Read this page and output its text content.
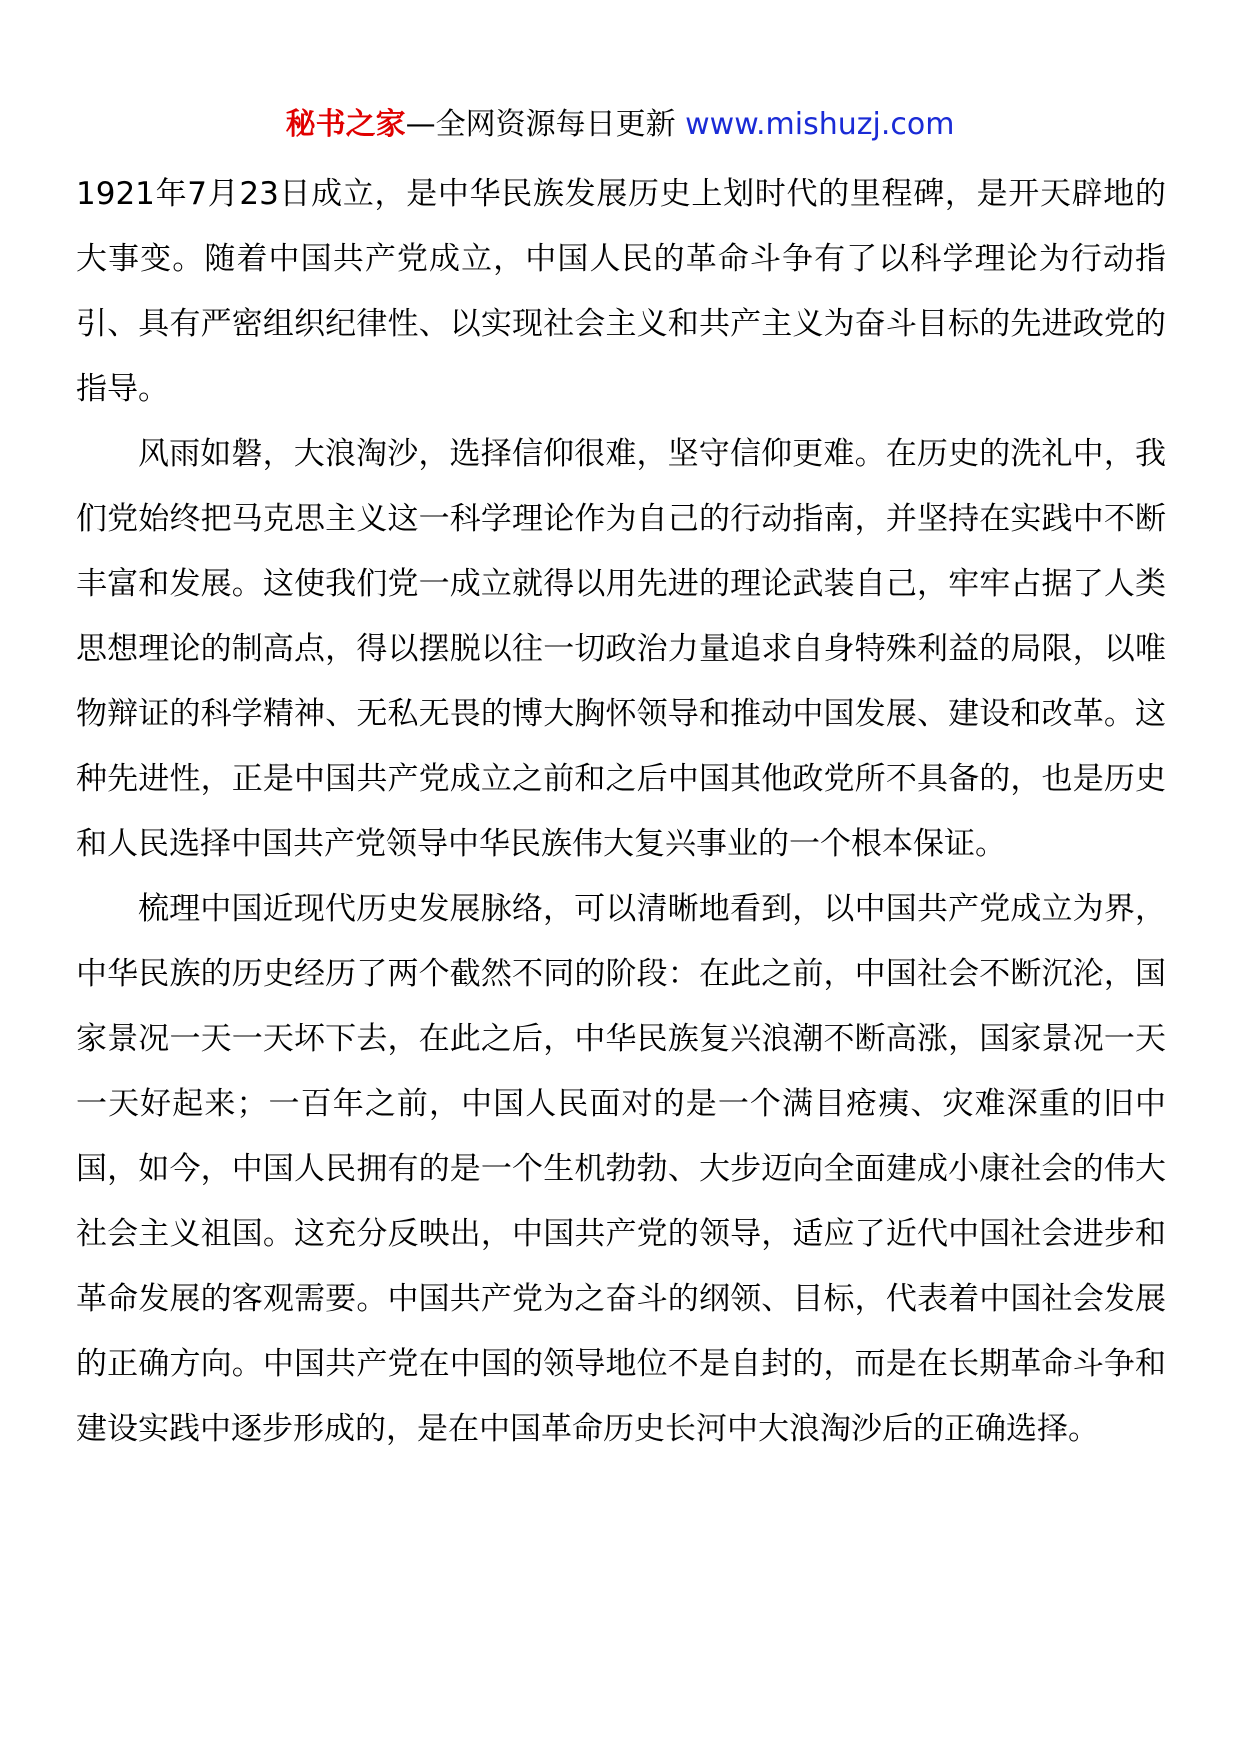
秘书之家—全网资源每日更新 www.mishuzj.com

1921年7月23日成立，是中华民族发展历史上划时代的里程碑，是开天辟地的大事变。随着中国共产党成立，中国人民的革命斗争有了以科学理论为行动指引、具有严密组织纪律性、以实现社会主义和共产主义为奋斗目标的先进政党的指导。

风雨如磐，大浪淘沙，选择信仰很难，坚守信仰更难。在历史的洗礼中，我们党始终把马克思主义这一科学理论作为自己的行动指南，并坚持在实践中不断丰富和发展。这使我们党一成立就得以用先进的理论武装自己，牢牢占据了人类思想理论的制高点，得以摆脱以往一切政治力量追求自身特殊利益的局限，以唯物辩证的科学精神、无私无畏的博大胸怀领导和推动中国发展、建设和改革。这种先进性，正是中国共产党成立之前和之后中国其他政党所不具备的，也是历史和人民选择中国共产党领导中华民族伟大复兴事业的一个根本保证。

梳理中国近现代历史发展脉络，可以清晰地看到，以中国共产党成立为界，中华民族的历史经历了两个截然不同的阶段：在此之前，中国社会不断沉沦，国家景况一天一天坏下去，在此之后，中华民族复兴浪潮不断高涨，国家景况一天一天好起来；一百年之前，中国人民面对的是一个满目疮痍、灾难深重的旧中国，如今，中国人民拥有的是一个生机勃勃、大步迈向全面建成小康社会的伟大社会主义祖国。这充分反映出，中国共产党的领导，适应了近代中国社会进步和革命发展的客观需要。中国共产党为之奋斗的纲领、目标，代表着中国社会发展的正确方向。中国共产党在中国的领导地位不是自封的，而是在长期革命斗争和建设实践中逐步形成的，是在中国革命历史长河中大浪淘沙后的正确选择。
